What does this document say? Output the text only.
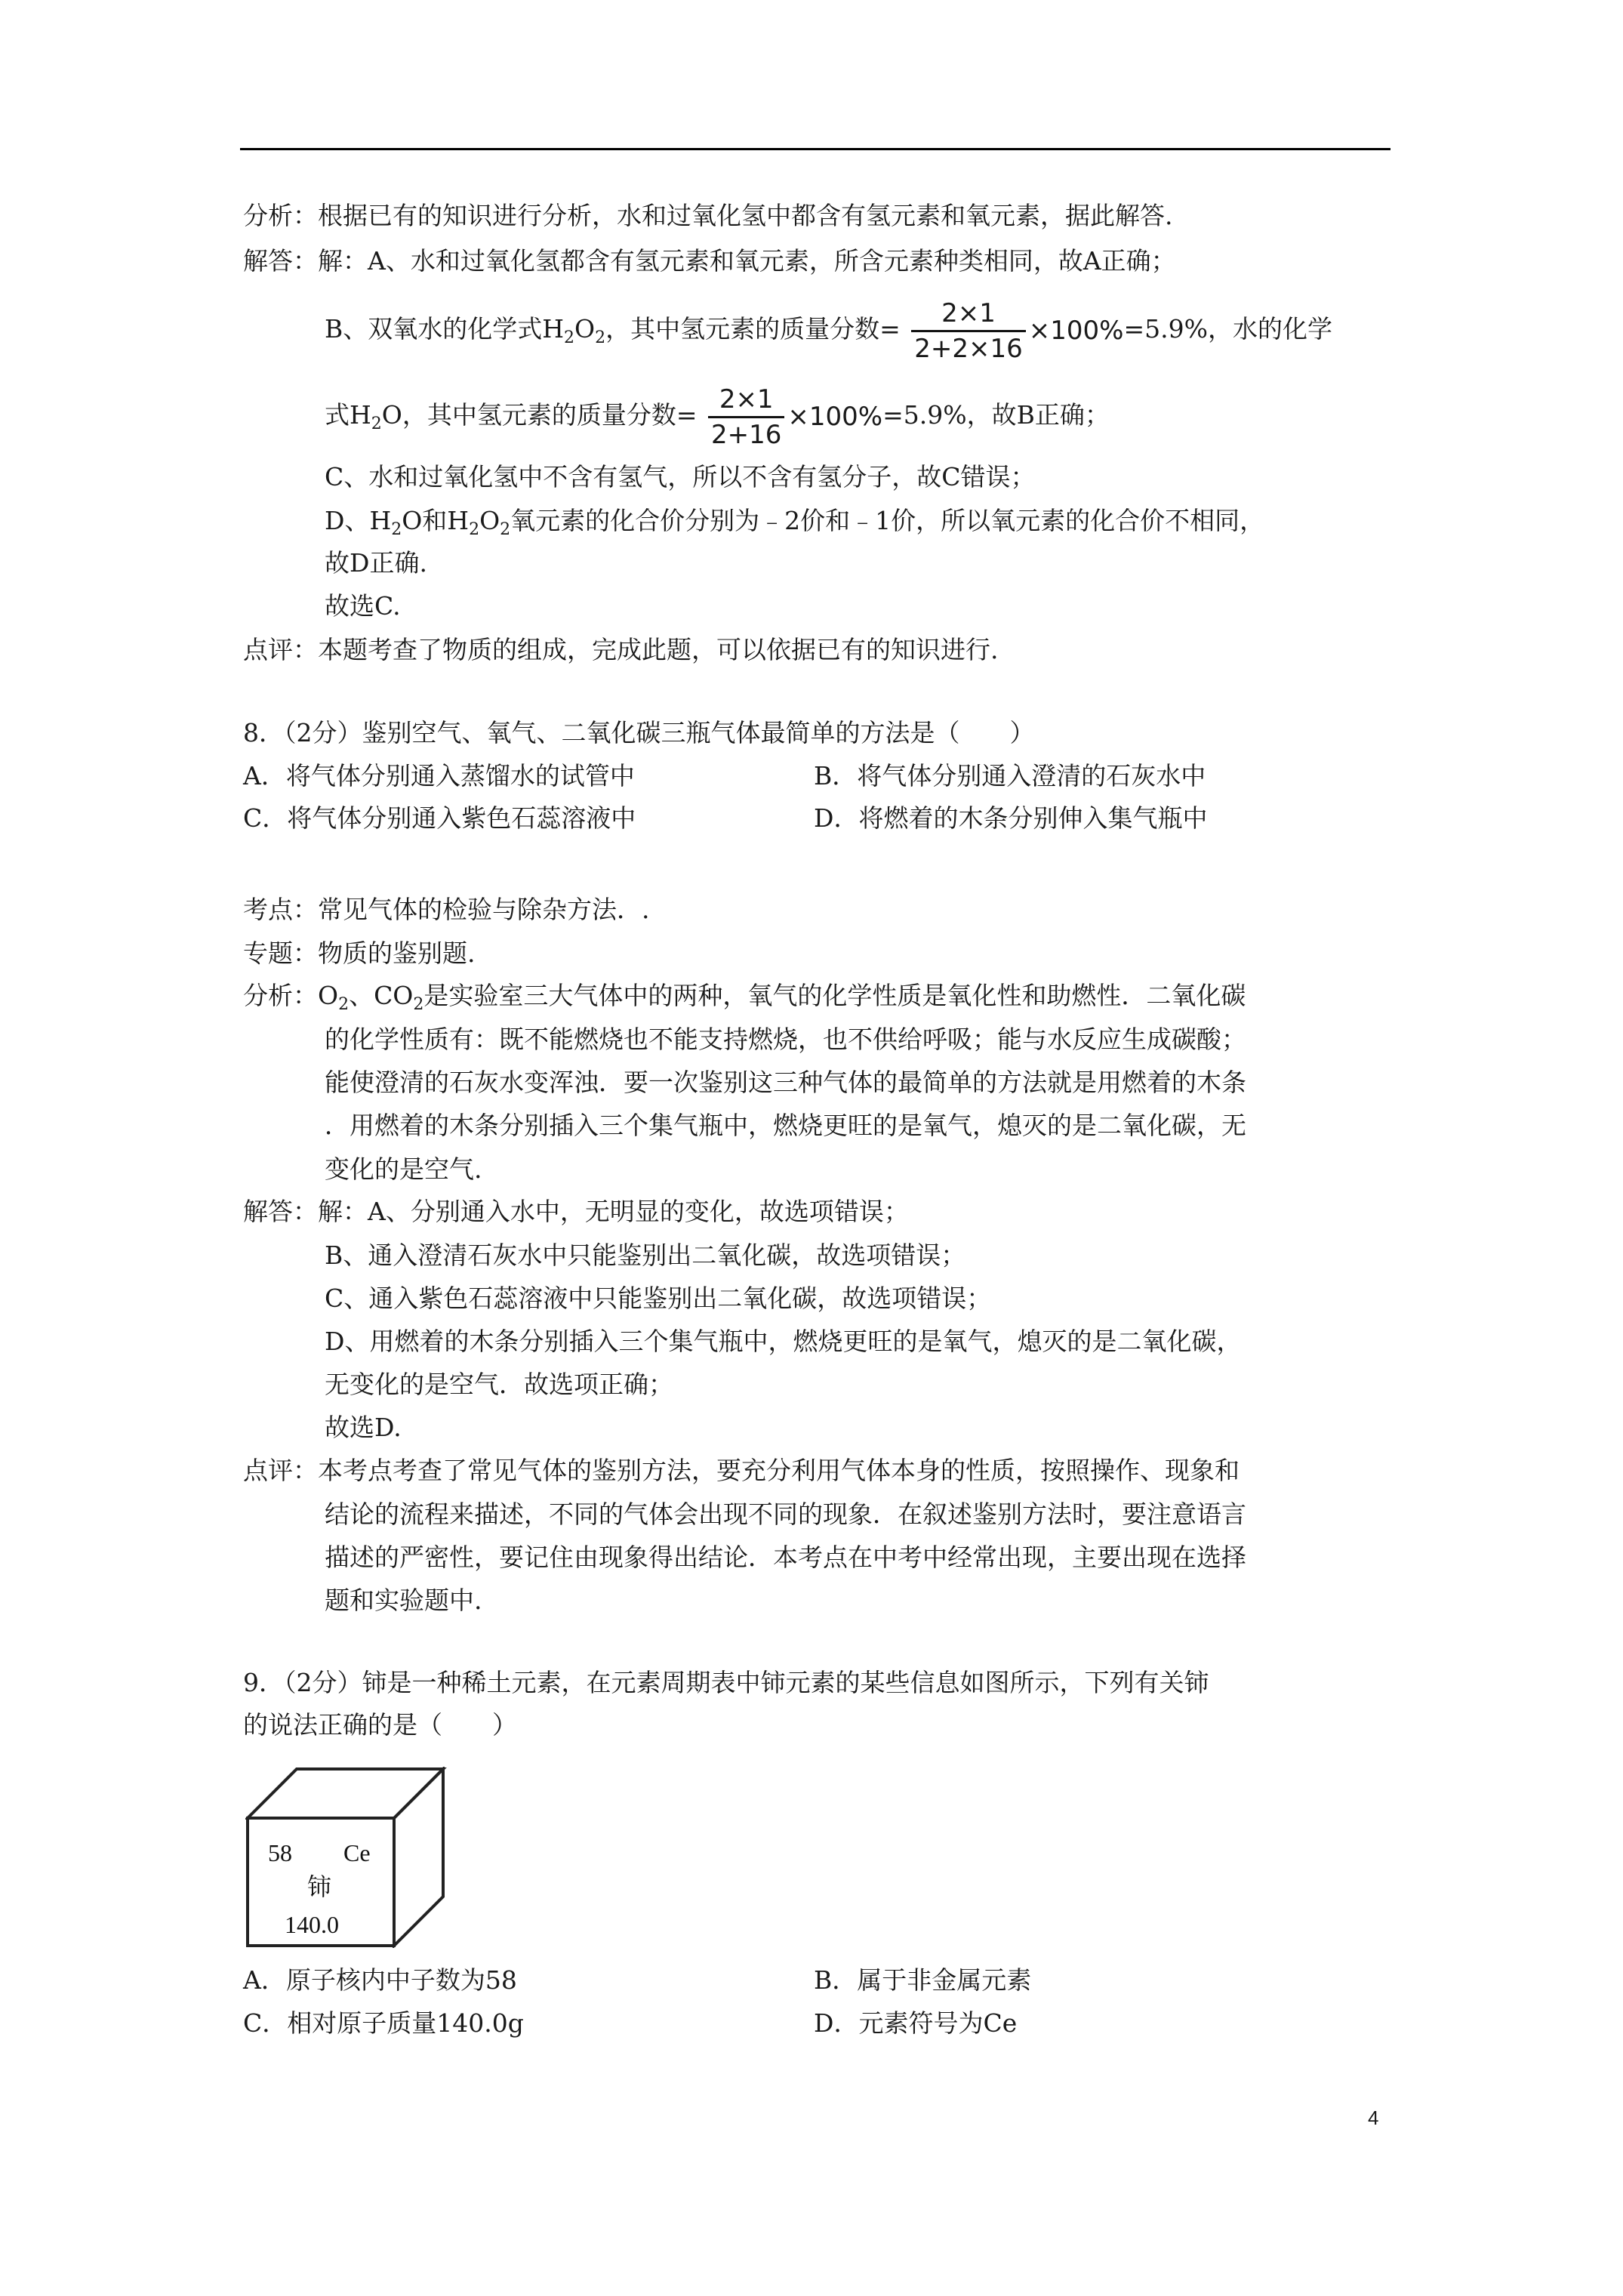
分析：根据已有的知识进行分析，水和过氧化氢中都含有氢元素和氧元素，据此解答.
解答：解：A、水和过氧化氢都含有氢元素和氧元素，所含元素种类相同，故A正确；
B、双氧水的化学式$H_2O_2$，其中氢元素的质量分数= $\frac{2\times 1}{2+2\times 16} \times 100\%=5.9\%$，水的化学
式$H_2O$，其中氢元素的质量分数= $\frac{2\times 1}{2+16} \times 100\%=5.9\%$，故B正确；
C、水和过氧化氢中不含有氢气，所以不含有氢分子，故C错误；
D、$H_2O$和$H_2O_2$氧元素的化合价分别为﹣2价和﹣1价，所以氧元素的化合价不相同，
故D正确.
故选C.
点评：本题考查了物质的组成，完成此题，可以依据已有的知识进行.
8．（2分）鉴别空气、氧气、二氧化碳三瓶气体最简单的方法是（　　）
A．将气体分别通入蒸馏水的试管中	B．将气体分别通入澄清的石灰水中
C．将气体分别通入紫色石蕊溶液中	D．将燃着的木条分别伸入集气瓶中
考点：常见气体的检验与除杂方法．.
专题：物质的鉴别题.
分析：$O_2$、$CO_2$是实验室三大气体中的两种，氧气的化学性质是氧化性和助燃性．二氧化碳
的化学性质有：既不能燃烧也不能支持燃烧，也不供给呼吸；能与水反应生成碳酸；
能使澄清的石灰水变浑浊．要一次鉴别这三种气体的最简单的方法就是用燃着的木条
．用燃着的木条分别插入三个集气瓶中，燃烧更旺的是氧气，熄灭的是二氧化碳，无
变化的是空气.
解答：解：A、分别通入水中，无明显的变化，故选项错误；
B、通入澄清石灰水中只能鉴别出二氧化碳，故选项错误；
C、通入紫色石蕊溶液中只能鉴别出二氧化碳，故选项错误；
D、用燃着的木条分别插入三个集气瓶中，燃烧更旺的是氧气，熄灭的是二氧化碳，
无变化的是空气．故选项正确；
故选D.
点评：本考点考查了常见气体的鉴别方法，要充分利用气体本身的性质，按照操作、现象和
结论的流程来描述，不同的气体会出现不同的现象．在叙述鉴别方法时，要注意语言
描述的严密性，要记住由现象得出结论．本考点在中考中经常出现，主要出现在选择
题和实验题中.
9．（2分）铈是一种稀土元素，在元素周期表中铈元素的某些信息如图所示，下列有关铈
的说法正确的是（　　）
58 Ce
铈
140.0
A．原子核内中子数为58	B．属于非金属元素
C．相对原子质量140.0g	D．元素符号为Ce
4
